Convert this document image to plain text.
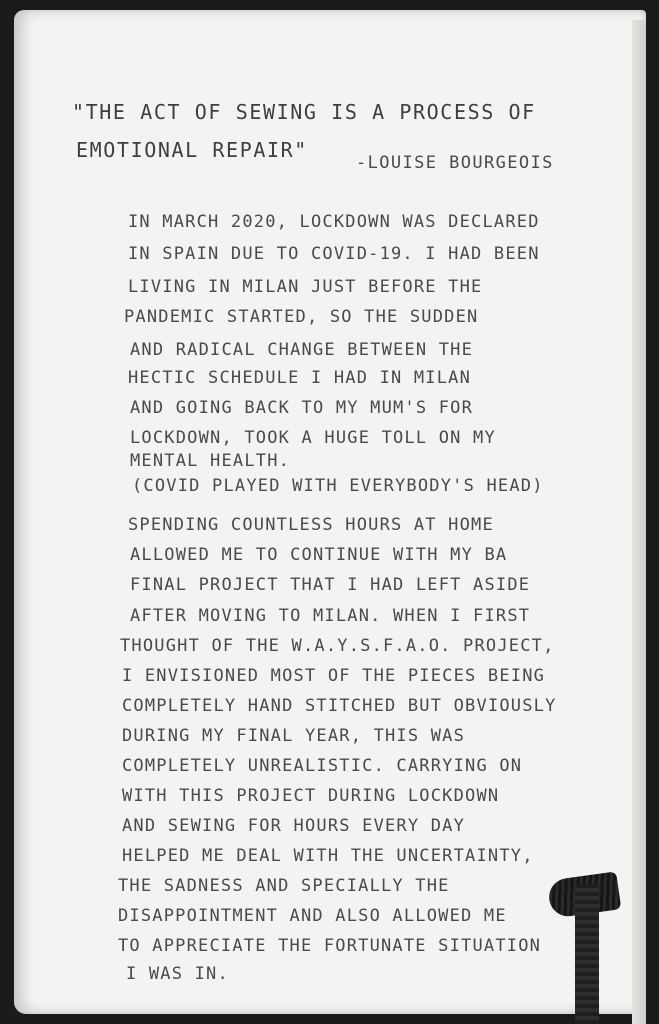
"THE ACT OF SEWING IS A PROCESS OF
EMOTIONAL REPAIR"
-LOUISE BOURGEOIS
IN MARCH 2020, LOCKDOWN WAS DECLARED
IN SPAIN DUE TO COVID-19. I HAD BEEN
LIVING IN MILAN JUST BEFORE THE
PANDEMIC STARTED, SO THE SUDDEN
AND RADICAL CHANGE BETWEEN THE
HECTIC SCHEDULE I HAD IN MILAN
AND GOING BACK TO MY MUM'S FOR
LOCKDOWN, TOOK A HUGE TOLL ON MY
MENTAL HEALTH.
(COVID PLAYED WITH EVERYBODY'S HEAD)
SPENDING COUNTLESS HOURS AT HOME
ALLOWED ME TO CONTINUE WITH MY BA
FINAL PROJECT THAT I HAD LEFT ASIDE
AFTER MOVING TO MILAN. WHEN I FIRST
THOUGHT OF THE W.A.Y.S.F.A.O. PROJECT,
I ENVISIONED MOST OF THE PIECES BEING
COMPLETELY HAND STITCHED BUT OBVIOUSLY
DURING MY FINAL YEAR, THIS WAS
COMPLETELY UNREALISTIC. CARRYING ON
WITH THIS PROJECT DURING LOCKDOWN
AND SEWING FOR HOURS EVERY DAY
HELPED ME DEAL WITH THE UNCERTAINTY,
THE SADNESS AND SPECIALLY THE
DISAPPOINTMENT AND ALSO ALLOWED ME
TO APPRECIATE THE FORTUNATE SITUATION
I WAS IN.
